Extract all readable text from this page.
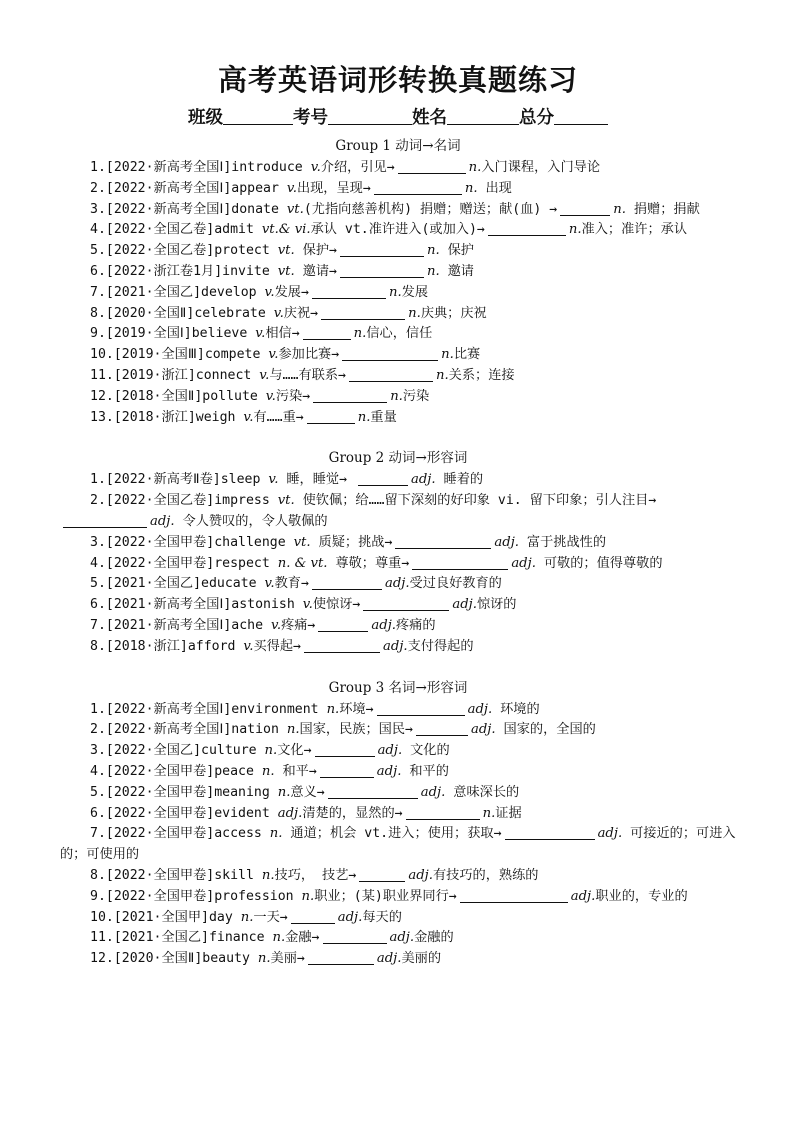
高考英语词形转换真题练习
班级	考号	姓名	总分
Group 1 动词→名词
1.[2022·新高考全国Ⅰ]introduce v.介绍，引见→	n.入门课程，入门导论
2.[2022·新高考全国Ⅰ]appear v.出现，呈现→	n. 出现
3.[2022·新高考全国Ⅰ]donate vt.(尤指向慈善机构) 捐赠；赠送；献(血) →	n. 捐赠；捐献
4.[2022·全国乙卷]admit vt.& vi.承认 vt.准许进入(或加入)→	n.准入；准许；承认
5.[2022·全国乙卷]protect vt. 保护→	n. 保护
6.[2022·浙江卷1月]invite vt. 邀请→	n. 邀请
7.[2021·全国乙]develop v.发展→	n.发展
8.[2020·全国Ⅱ]celebrate v.庆祝→	n.庆典；庆祝
9.[2019·全国Ⅰ]believe v.相信→	n.信心，信任
10.[2019·全国Ⅲ]compete v.参加比赛→	n.比赛
11.[2019·浙江]connect v.与……有联系→	n.关系；连接
12.[2018·全国Ⅱ]pollute v.污染→	n.污染
13.[2018·浙江]weigh v.有……重→	n.重量
Group 2 动词→形容词
1.[2022·新高考Ⅱ卷]sleep v. 睡，睡觉→	adj. 睡着的
2.[2022·全国乙卷]impress vt. 使钦佩；给……留下深刻的好印象 vi. 留下印象；引人注目→adj. 令人赞叹的，令人敬佩的
3.[2022·全国甲卷]challenge vt. 质疑；挑战→	adj. 富于挑战性的
4.[2022·全国甲卷]respect n. & vt. 尊敬；尊重→	adj. 可敬的；值得尊敬的
5.[2021·全国乙]educate v.教育→	adj.受过良好教育的
6.[2021·新高考全国Ⅰ]astonish v.使惊讶→	adj.惊讶的
7.[2021·新高考全国Ⅰ]ache v.疼痛→	adj.疼痛的
8.[2018·浙江]afford v.买得起→	adj.支付得起的
Group 3 名词→形容词
1.[2022·新高考全国Ⅰ]environment n.环境→	adj. 环境的
2.[2022·新高考全国Ⅰ]nation n.国家，民族；国民→	adj. 国家的，全国的
3.[2022·全国乙]culture n.文化→	adj. 文化的
4.[2022·全国甲卷]peace n. 和平→	adj. 和平的
5.[2022·全国甲卷]meaning n.意义→	adj. 意味深长的
6.[2022·全国甲卷]evident adj.清楚的，显然的→	n.证据
7.[2022·全国甲卷]access n. 通道；机会 vt.进入；使用；获取→	adj. 可接近的；可进入的；可使用的
8.[2022·全国甲卷]skill n.技巧， 技艺→	adj.有技巧的，熟练的
9.[2022·全国甲卷]profession n.职业；(某)职业界同行→	adj.职业的，专业的
10.[2021·全国甲]day n.一天→	adj.每天的
11.[2021·全国乙]finance n.金融→	adj.金融的
12.[2020·全国Ⅱ]beauty n.美丽→	adj.美丽的
